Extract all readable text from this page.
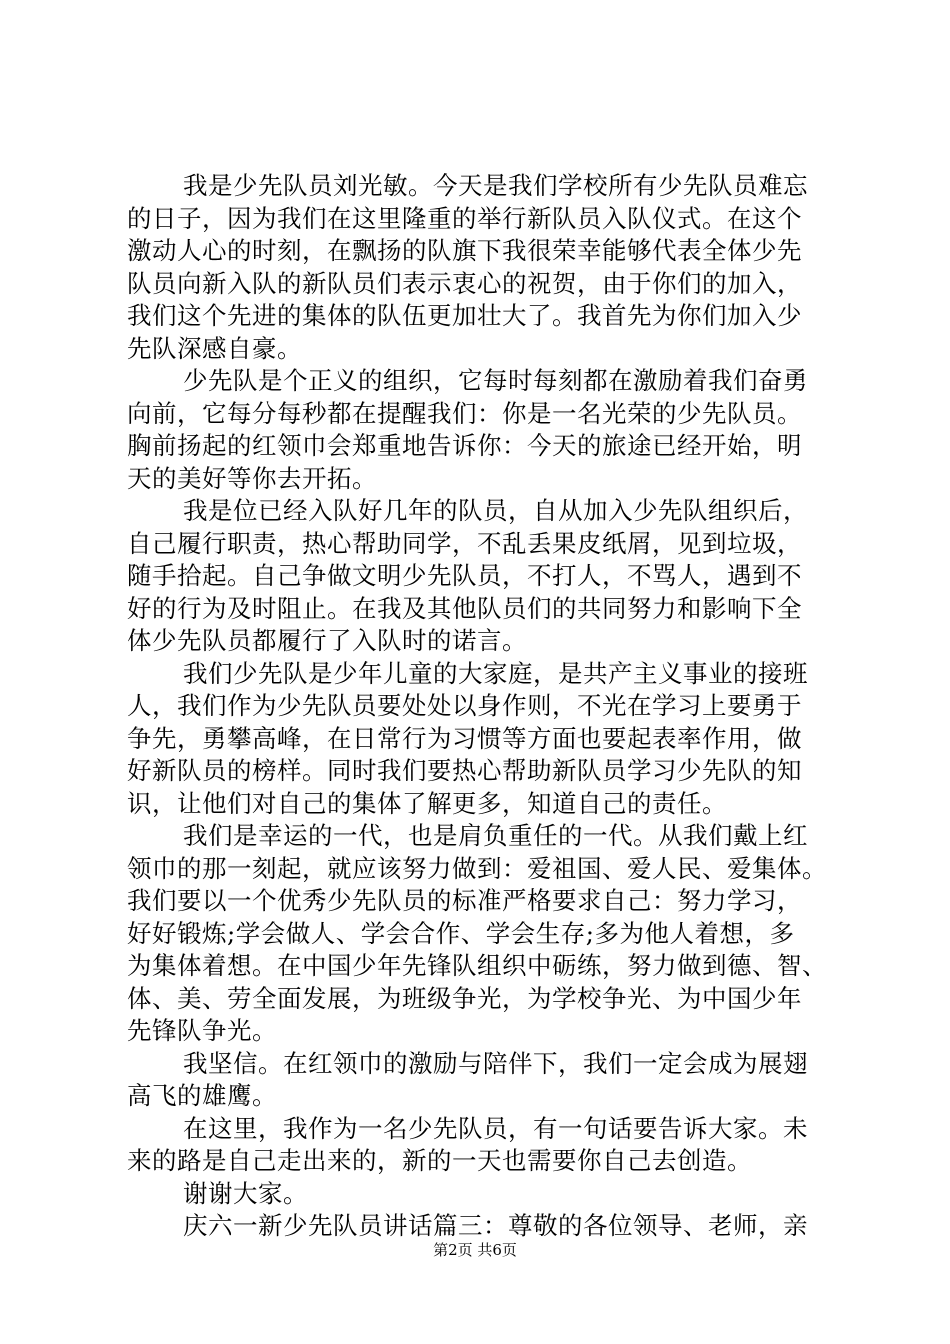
我是少先队员刘光敏。今天是我们学校所有少先队员难忘
的日子，因为我们在这里隆重的举行新队员入队仪式。在这个
激动人心的时刻，在飘扬的队旗下我很荣幸能够代表全体少先
队员向新入队的新队员们表示衷心的祝贺，由于你们的加入，
我们这个先进的集体的队伍更加壮大了。我首先为你们加入少
先队深感自豪。
少先队是个正义的组织，它每时每刻都在激励着我们奋勇
向前，它每分每秒都在提醒我们：你是一名光荣的少先队员。
胸前扬起的红领巾会郑重地告诉你：今天的旅途已经开始，明
天的美好等你去开拓。
我是位已经入队好几年的队员，自从加入少先队组织后，
自己履行职责，热心帮助同学，不乱丢果皮纸屑，见到垃圾，
随手拾起。自己争做文明少先队员，不打人，不骂人，遇到不
好的行为及时阻止。在我及其他队员们的共同努力和影响下全
体少先队员都履行了入队时的诺言。
我们少先队是少年儿童的大家庭，是共产主义事业的接班
人，我们作为少先队员要处处以身作则，不光在学习上要勇于
争先，勇攀高峰，在日常行为习惯等方面也要起表率作用，做
好新队员的榜样。同时我们要热心帮助新队员学习少先队的知
识，让他们对自己的集体了解更多，知道自己的责任。
我们是幸运的一代，也是肩负重任的一代。从我们戴上红
领巾的那一刻起，就应该努力做到：爱祖国、爱人民、爱集体。
我们要以一个优秀少先队员的标准严格要求自己：努力学习，
好好锻炼;学会做人、学会合作、学会生存;多为他人着想，多
为集体着想。在中国少年先锋队组织中砺练，努力做到德、智、
体、美、劳全面发展，为班级争光，为学校争光、为中国少年
先锋队争光。
我坚信。在红领巾的激励与陪伴下，我们一定会成为展翅
高飞的雄鹰。
在这里，我作为一名少先队员，有一句话要告诉大家。未
来的路是自己走出来的，新的一天也需要你自己去创造。
谢谢大家。
庆六一新少先队员讲话篇三：尊敬的各位领导、老师，亲
第2页 共6页
